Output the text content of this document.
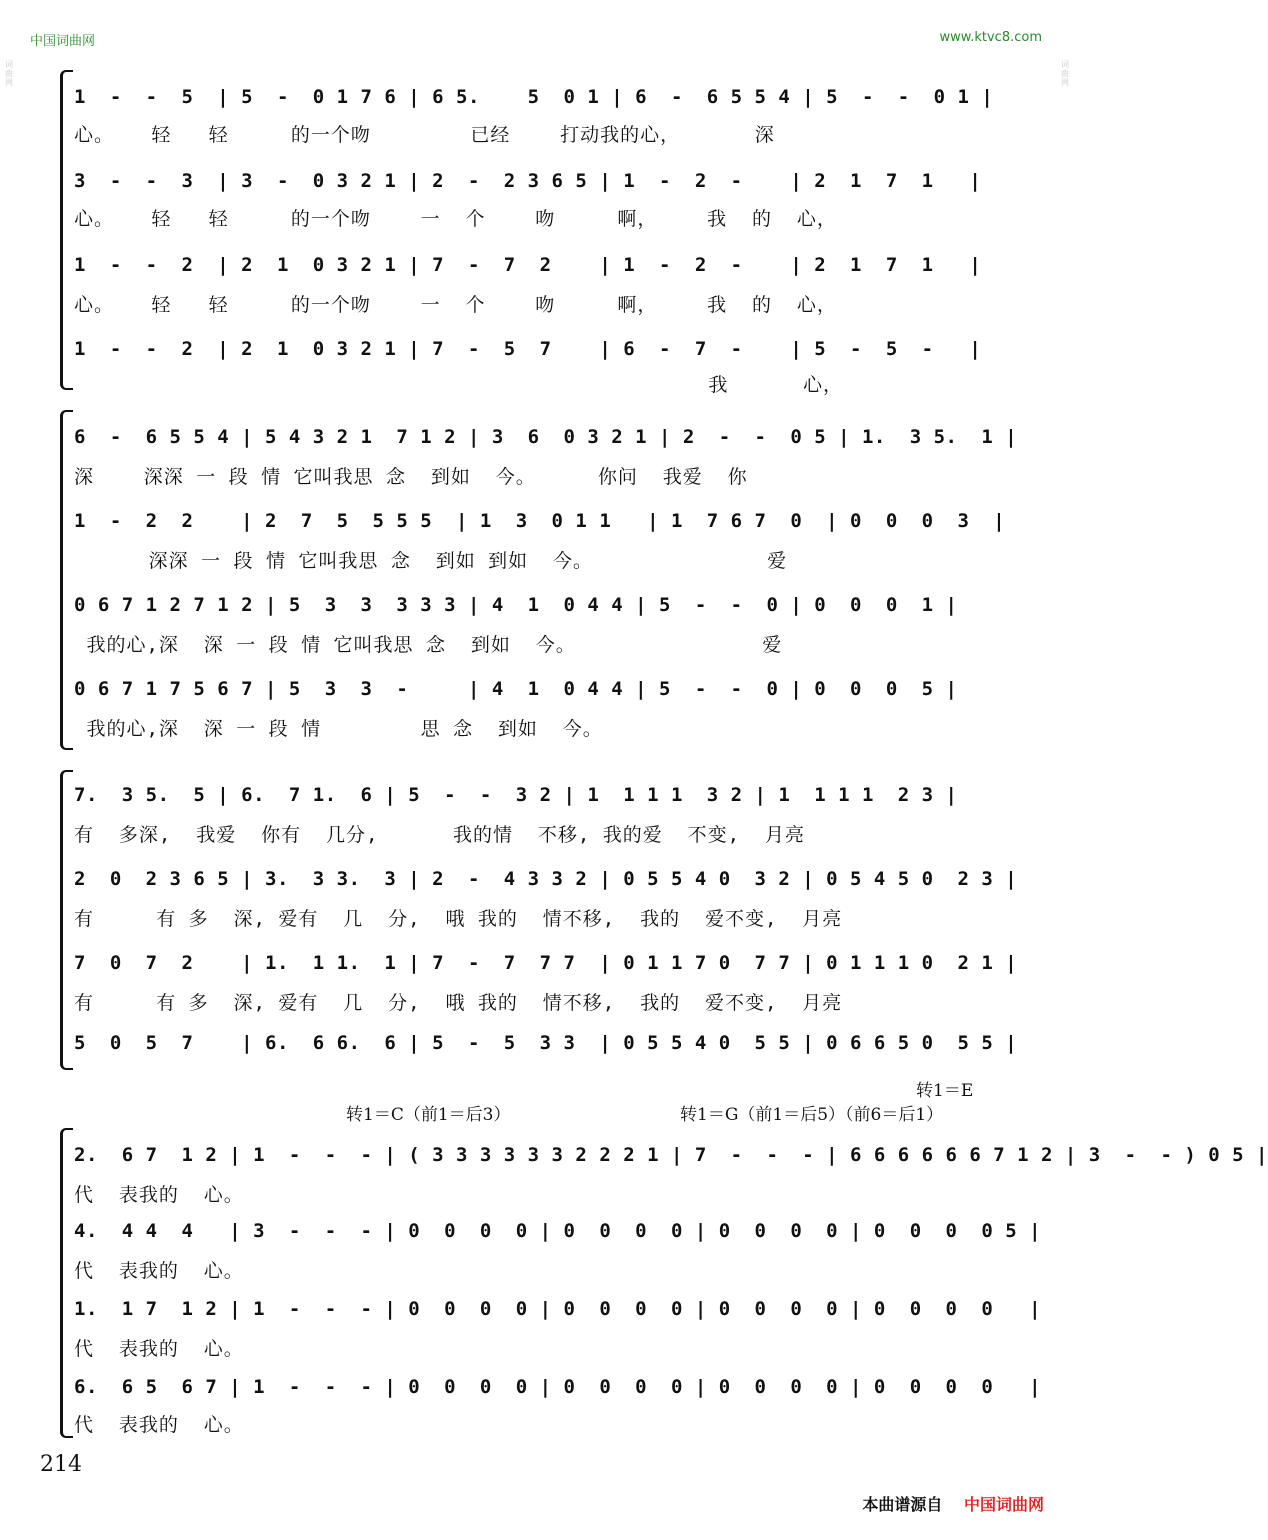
中国词曲网	www.ktvc8.com
词曲网
词曲网
1  -  -  5  | 5  -  0 1 7 6 | 6 5.    5  0 1 | 6  -  6 5 5 4 | 5  -  -  0 1 |
心。   轻   轻     的一个吻        已经    打动我的心，      深
3  -  -  3  | 3  -  0 3 2 1 | 2  -  2 3 6 5 | 1  -  2  -    | 2  1  7  1   |
心。   轻   轻     的一个吻    一  个    吻     啊，    我  的  心，
1  -  -  2  | 2  1  0 3 2 1 | 7  -  7  2    | 1  -  2  -    | 2  1  7  1   |
心。   轻   轻     的一个吻    一  个    吻     啊，    我  的  心，
1  -  -  2  | 2  1  0 3 2 1 | 7  -  5  7    | 6  -  7  -    | 5  -  5  -   |
我      心，
6  -  6 5 5 4 | 5 4 3 2 1  7 1 2 | 3  6  0 3 2 1 | 2  -  -  0 5 | 1.  3 5.  1 |
深    深深 一 段 情 它叫我思 念  到如  今。     你问  我爱  你
1  -  2  2    | 2  7  5  5 5 5  | 1  3  0 1 1   | 1  7 6 7  0  | 0  0  0  3  |
深深 一 段 情 它叫我思 念  到如 到如  今。              爱
0 6 7 1 2 7 1 2 | 5  3  3  3 3 3 | 4  1  0 4 4 | 5  -  -  0 | 0  0  0  1 |
我的心,深  深 一 段 情 它叫我思 念  到如  今。               爱
0 6 7 1 7 5 6 7 | 5  3  3  -     | 4  1  0 4 4 | 5  -  -  0 | 0  0  0  5 |
我的心,深  深 一 段 情        思 念  到如  今。
7.  3 5.  5 | 6.  7 1.  6 | 5  -  -  3 2 | 1  1 1 1  3 2 | 1  1 1 1  2 3 |
有  多深,  我爱  你有  几分,      我的情  不移, 我的爱  不变,  月亮
2  0  2 3 6 5 | 3.  3 3.  3 | 2  -  4 3 3 2 | 0 5 5 4 0  3 2 | 0 5 4 5 0  2 3 |
有     有 多  深, 爱有  几  分,  哦 我的  情不移,  我的  爱不变,  月亮
7  0  7  2    | 1.  1 1.  1 | 7  -  7  7 7  | 0 1 1 7 0  7 7 | 0 1 1 1 0  2 1 |
有     有 多  深, 爱有  几  分,  哦 我的  情不移,  我的  爱不变,  月亮
5  0  5  7    | 6.  6 6.  6 | 5  -  5  3 3  | 0 5 5 4 0  5 5 | 0 6 6 5 0  5 5 |
转1＝E
转1＝C（前1＝后3）	转1＝G（前1＝后5）（前6＝后1）
2.  6 7  1 2 | 1  -  -  - | ( 3 3 3 3 3 3 2 2 2 1 | 7  -  -  - | 6 6 6 6 6 6 7 1 2 | 3  -  - ) 0 5 |
代  表我的  心。
4.  4 4  4   | 3  -  -  - | 0  0  0  0 | 0  0  0  0 | 0  0  0  0 | 0  0  0  0 5 |
代  表我的  心。
1.  1 7  1 2 | 1  -  -  - | 0  0  0  0 | 0  0  0  0 | 0  0  0  0 | 0  0  0  0   |
代  表我的  心。
6.  6 5  6 7 | 1  -  -  - | 0  0  0  0 | 0  0  0  0 | 0  0  0  0 | 0  0  0  0   |
代  表我的  心。
214
本曲谱源自 中国词曲网
